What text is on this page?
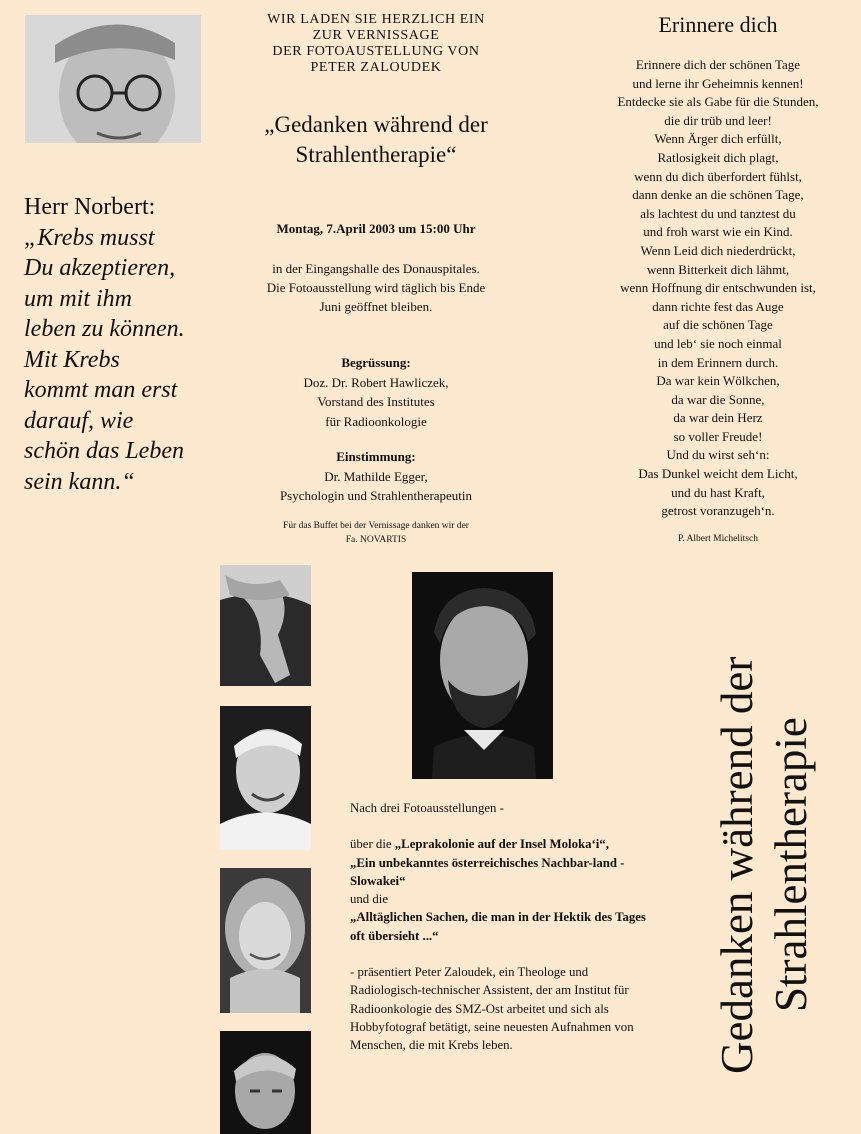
Herr Norbert:
„Krebs musst
Du akzeptieren,
um mit ihm
leben zu können.
Mit Krebs
kommt man erst
darauf, wie
schön das Leben
sein kann.“
WIR LADEN SIE HERZLICH EIN
ZUR VERNISSAGE
DER FOTOAUSTELLUNG VON
PETER ZALOUDEK
„Gedanken während der
Strahlentherapie“
Montag, 7.April 2003 um 15:00 Uhr
in der Eingangshalle des Donauspitales.
Die Fotoausstellung wird täglich bis Ende
Juni geöffnet bleiben.
Begrüssung:
Doz. Dr. Robert Hawliczek,
Vorstand des Institutes
für Radioonkologie
Einstimmung:
Dr. Mathilde Egger,
Psychologin und Strahlentherapeutin
Für das Buffet bei der Vernissage danken wir der
Fa. NOVARTIS
Erinnere dich
Erinnere dich der schönen Tage
und lerne ihr Geheimnis kennen!
Entdecke sie als Gabe für die Stunden,
die dir trüb und leer!
Wenn Ärger dich erfüllt,
Ratlosigkeit dich plagt,
wenn du dich überfordert fühlst,
dann denke an die schönen Tage,
als lachtest du und tanztest du
und froh warst wie ein Kind.
Wenn Leid dich niederdrückt,
wenn Bitterkeit dich lähmt,
wenn Hoffnung dir entschwunden ist,
dann richte fest das Auge
auf die schönen Tage
und leb‘ sie noch einmal
in dem Erinnern durch.
Da war kein Wölkchen,
da war die Sonne,
da war dein Herz
so voller Freude!
Und du wirst seh‘n:
Das Dunkel weicht dem Licht,
und du hast Kraft,
getrost voranzugeh‘n.
P. Albert Michelitsch

Nach drei Fotoausstellungen -

über die „Leprakolonie auf der Insel Moloka‘i“,

„Ein unbekanntes österreichisches Nachbar-land - Slowakei“

und die

„Alltäglichen Sachen, die man in der Hektik des Tages oft übersieht ...“

- präsentiert Peter Zaloudek, ein Theologe und Radiologisch-technischer Assistent, der am Institut für Radioonkologie des SMZ-Ost arbeitet und sich als Hobbyfotograf betätigt, seine neuesten Aufnahmen von Menschen, die mit Krebs leben.	Gedanken während der Strahlentherapie
